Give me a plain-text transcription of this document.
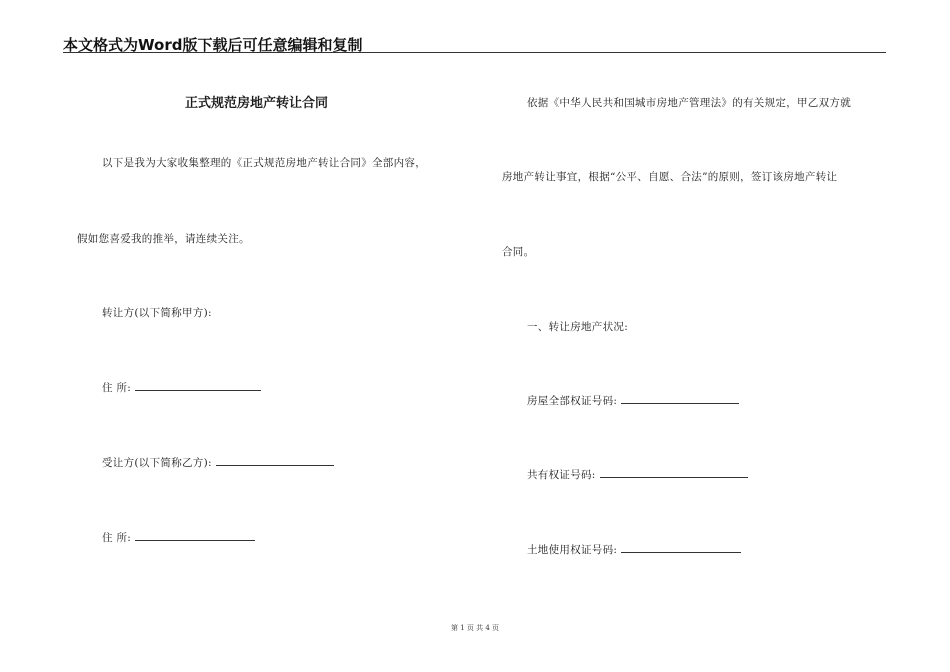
本文格式为Word版下载后可任意编辑和复制
正式规范房地产转让合同
以下是我为大家收集整理的《正式规范房地产转让合同》全部内容，
假如您喜爱我的推举，请连续关注。
转让方(以下简称甲方):
住 所:
受让方(以下简称乙方):
住 所:
依据《中华人民共和国城市房地产管理法》的有关规定，甲乙双方就
房地产转让事宜，根据“公平、自愿、合法”的原则，签订该房地产转让
合同。
一、转让房地产状况:
房屋全部权证号码:
共有权证号码:
土地使用权证号码:
第 1 页 共 4 页
